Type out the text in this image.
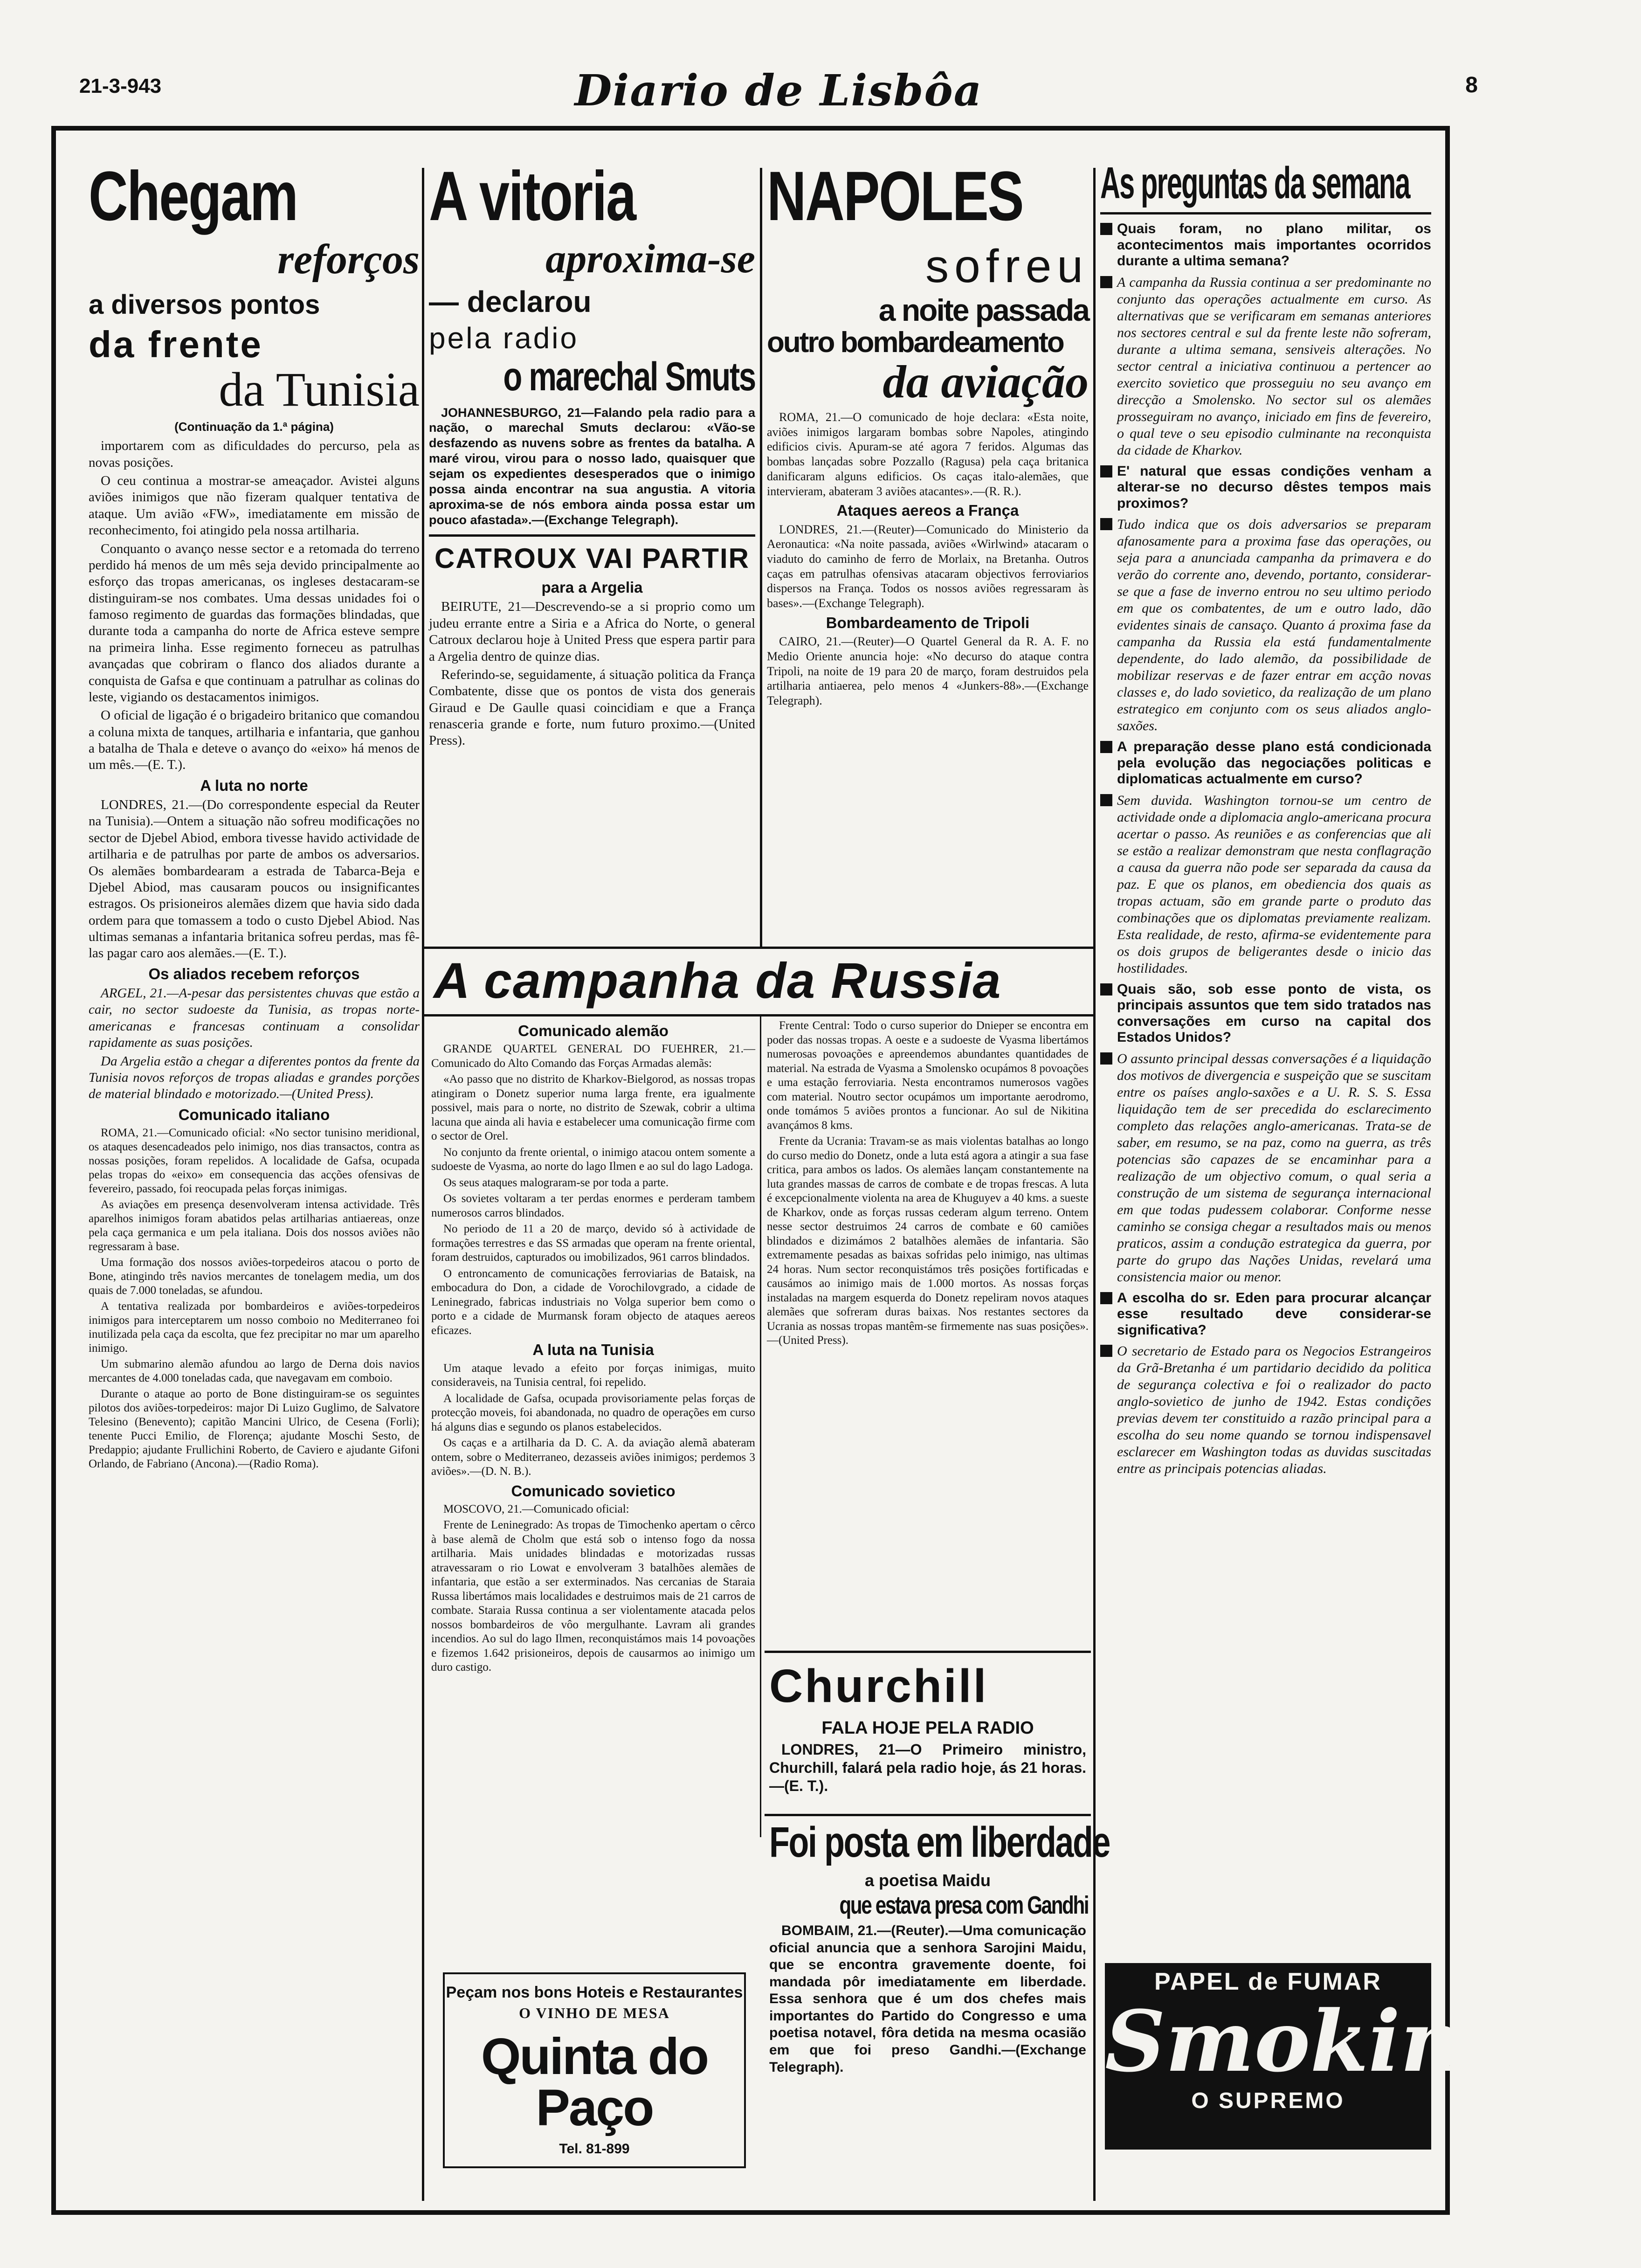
21-3-943	Diario de Lisbôa	8
Chegam
reforços
a diversos pontos
da frente
da Tunisia
(Continuação da 1.ª página)

importarem com as dificuldades do percurso, pela as novas posições.

O ceu continua a mostrar-se ameaçador. Avistei alguns aviões inimigos que não fizeram qualquer tentativa de ataque. Um avião «FW», imediatamente em missão de reconhecimento, foi atingido pela nossa artilharia.

Conquanto o avanço nesse sector e a retomada do terreno perdido há menos de um mês seja devido principalmente ao esforço das tropas americanas, os ingleses destacaram-se distinguiram-se nos combates. Uma dessas unidades foi o famoso regimento de guardas das formações blindadas, que durante toda a campanha do norte de Africa esteve sempre na primeira linha. Esse regimento forneceu as patrulhas avançadas que cobriram o flanco dos aliados durante a conquista de Gafsa e que continuam a patrulhar as colinas do leste, vigiando os destacamentos inimigos.

O oficial de ligação é o brigadeiro britanico que comandou a coluna mixta de tanques, artilharia e infantaria, que ganhou a batalha de Thala e deteve o avanço do «eixo» há menos de um mês.—(E. T.).

A luta no norte

LONDRES, 21.—(Do correspondente especial da Reuter na Tunisia).—Ontem a situação não sofreu modificações no sector de Djebel Abiod, embora tivesse havido actividade de artilharia e de patrulhas por parte de ambos os adversarios. Os alemães bombardearam a estrada de Tabarca-Beja e Djebel Abiod, mas causaram poucos ou insignificantes estragos. Os prisioneiros alemães dizem que havia sido dada ordem para que tomassem a todo o custo Djebel Abiod. Nas ultimas semanas a infantaria britanica sofreu perdas, mas fê-las pagar caro aos alemães.—(E. T.).

Os aliados recebem reforços

ARGEL, 21.—A-pesar das persistentes chuvas que estão a cair, no sector sudoeste da Tunisia, as tropas norte-americanas e francesas continuam a consolidar rapidamente as suas posições.

Da Argelia estão a chegar a diferentes pontos da frente da Tunisia novos reforços de tropas aliadas e grandes porções de material blindado e motorizado.—(United Press).

Comunicado italiano

ROMA, 21.—Comunicado oficial: «No sector tunisino meridional, os ataques desencadeados pelo inimigo, nos dias transactos, contra as nossas posições, foram repelidos. A localidade de Gafsa, ocupada pelas tropas do «eixo» em consequencia das acções ofensivas de fevereiro, passado, foi reocupada pelas forças inimigas.

As aviações em presença desenvolveram intensa actividade. Três aparelhos inimigos foram abatidos pelas artilharias antiaereas, onze pela caça germanica e um pela italiana. Dois dos nossos aviões não regressaram à base.

Uma formação dos nossos aviões-torpedeiros atacou o porto de Bone, atingindo três navios mercantes de tonelagem media, um dos quais de 7.000 toneladas, se afundou.

A tentativa realizada por bombardeiros e aviões-torpedeiros inimigos para interceptarem um nosso comboio no Mediterraneo foi inutilizada pela caça da escolta, que fez precipitar no mar um aparelho inimigo.

Um submarino alemão afundou ao largo de Derna dois navios mercantes de 4.000 toneladas cada, que navegavam em comboio.

Durante o ataque ao porto de Bone distinguiram-se os seguintes pilotos dos aviões-torpedeiros: major Di Luizo Guglimo, de Salvatore Telesino (Benevento); capitão Mancini Ulrico, de Cesena (Forli); tenente Pucci Emilio, de Florença; ajudante Moschi Sesto, de Predappio; ajudante Frullichini Roberto, de Caviero e ajudante Gifoni Orlando, de Fabriano (Ancona).—(Radio Roma).

A vitoria
aproxima-se
— declarou
pela radio
o marechal Smuts

JOHANNESBURGO, 21—Falando pela radio para a nação, o marechal Smuts declarou: «Vão-se desfazendo as nuvens sobre as frentes da batalha. A maré virou, virou para o nosso lado, quaisquer que sejam os expedientes desesperados que o inimigo possa ainda encontrar na sua angustia. A vitoria aproxima-se de nós embora ainda possa estar um pouco afastada».—(Exchange Telegraph).

CATROUX VAI PARTIR
para a Argelia

BEIRUTE, 21—Descrevendo-se a si proprio como um judeu errante entre a Siria e a Africa do Norte, o general Catroux declarou hoje à United Press que espera partir para a Argelia dentro de quinze dias.

Referindo-se, seguidamente, á situação politica da França Combatente, disse que os pontos de vista dos generais Giraud e De Gaulle quasi coincidiam e que a França renasceria grande e forte, num futuro proximo.—(United Press).

NAPOLES
sofreu
a noite passada
outro bombardeamento
da aviação

ROMA, 21.—O comunicado de hoje declara: «Esta noite, aviões inimigos largaram bombas sobre Napoles, atingindo edificios civis. Apuram-se até agora 7 feridos. Algumas das bombas lançadas sobre Pozzallo (Ragusa) pela caça britanica danificaram alguns edificios. Os caças italo-alemães, que intervieram, abateram 3 aviões atacantes».—(R. R.).

Ataques aereos a França

LONDRES, 21.—(Reuter)—Comunicado do Ministerio da Aeronautica: «Na noite passada, aviões «Wirlwind» atacaram o viaduto do caminho de ferro de Morlaix, na Bretanha. Outros caças em patrulhas ofensivas atacaram objectivos ferroviarios dispersos na França. Todos os nossos aviões regressaram às bases».—(Exchange Telegraph).

Bombardeamento de Tripoli

CAIRO, 21.—(Reuter)—O Quartel General da R. A. F. no Medio Oriente anuncia hoje: «No decurso do ataque contra Tripoli, na noite de 19 para 20 de março, foram destruidos pela artilharia antiaerea, pelo menos 4 «Junkers-88».—(Exchange Telegraph).

A campanha da Russia
Comunicado alemão

GRANDE QUARTEL GENERAL DO FUEHRER, 21.—Comunicado do Alto Comando das Forças Armadas alemãs:

«Ao passo que no distrito de Kharkov-Bielgorod, as nossas tropas atingiram o Donetz superior numa larga frente, era igualmente possivel, mais para o norte, no distrito de Szewak, cobrir a ultima lacuna que ainda ali havia e estabelecer uma comunicação firme com o sector de Orel.

No conjunto da frente oriental, o inimigo atacou ontem somente a sudoeste de Vyasma, ao norte do lago Ilmen e ao sul do lago Ladoga.

Os seus ataques malograram-se por toda a parte.

Os sovietes voltaram a ter perdas enormes e perderam tambem numerosos carros blindados.

No periodo de 11 a 20 de março, devido só à actividade de formações terrestres e das SS armadas que operam na frente oriental, foram destruidos, capturados ou imobilizados, 961 carros blindados.

O entroncamento de comunicações ferroviarias de Bataisk, na embocadura do Don, a cidade de Vorochilovgrado, a cidade de Leninegrado, fabricas industriais no Volga superior bem como o porto e a cidade de Murmansk foram objecto de ataques aereos eficazes.

A luta na Tunisia

Um ataque levado a efeito por forças inimigas, muito consideraveis, na Tunisia central, foi repelido.

A localidade de Gafsa, ocupada provisoriamente pelas forças de protecção moveis, foi abandonada, no quadro de operações em curso há alguns dias e segundo os planos estabelecidos.

Os caças e a artilharia da D. C. A. da aviação alemã abateram ontem, sobre o Mediterraneo, dezasseis aviões inimigos; perdemos 3 aviões».—(D. N. B.).

Comunicado sovietico

MOSCOVO, 21.—Comunicado oficial:

Frente de Leninegrado: As tropas de Timochenko apertam o cêrco à base alemã de Cholm que está sob o intenso fogo da nossa artilharia. Mais unidades blindadas e motorizadas russas atravessaram o rio Lowat e envolveram 3 batalhões alemães de infantaria, que estão a ser exterminados. Nas cercanias de Staraia Russa libertámos mais localidades e destruimos mais de 21 carros de combate. Staraia Russa continua a ser violentamente atacada pelos nossos bombardeiros de vôo mergulhante. Lavram ali grandes incendios. Ao sul do lago Ilmen, reconquistámos mais 14 povoações e fizemos 1.642 prisioneiros, depois de causarmos ao inimigo um duro castigo.

Frente Central: Todo o curso superior do Dnieper se encontra em poder das nossas tropas. A oeste e a sudoeste de Vyasma libertámos numerosas povoações e apreendemos abundantes quantidades de material. Na estrada de Vyasma a Smolensko ocupámos 8 povoações e uma estação ferroviaria. Nesta encontramos numerosos vagões com material. Noutro sector ocupámos um importante aerodromo, onde tomámos 5 aviões prontos a funcionar. Ao sul de Nikitina avançámos 8 kms.

Frente da Ucrania: Travam-se as mais violentas batalhas ao longo do curso medio do Donetz, onde a luta está agora a atingir a sua fase critica, para ambos os lados. Os alemães lançam constantemente na luta grandes massas de carros de combate e de tropas frescas. A luta é excepcionalmente violenta na area de Khuguyev a 40 kms. a sueste de Kharkov, onde as forças russas cederam algum terreno. Ontem nesse sector destruimos 24 carros de combate e 60 camiões blindados e dizimámos 2 batalhões alemães de infantaria. São extremamente pesadas as baixas sofridas pelo inimigo, nas ultimas 24 horas. Num sector reconquistámos três posições fortificadas e causámos ao inimigo mais de 1.000 mortos. As nossas forças instaladas na margem esquerda do Donetz repeliram novos ataques alemães que sofreram duras baixas. Nos restantes sectores da Ucrania as nossas tropas mantêm-se firmemente nas suas posições».—(United Press).

Churchill
FALA HOJE PELA RADIO

LONDRES, 21—O Primeiro ministro, Churchill, falará pela radio hoje, ás 21 horas.—(E. T.).

Foi posta em liberdade
a poetisa Maidu
que estava presa com Gandhi

BOMBAIM, 21.—(Reuter).—Uma comunicação oficial anuncia que a senhora Sarojini Maidu, que se encontra gravemente doente, foi mandada pôr imediatamente em liberdade. Essa senhora que é um dos chefes mais importantes do Partido do Congresso e uma poetisa notavel, fôra detida na mesma ocasião em que foi preso Gandhi.—(Exchange Telegraph).

Peçam nos bons Hoteis e Restaurantes
O VINHO DE MESA
Quinta do Paço
Tel. 81-899
As preguntas da semana
Quais foram, no plano militar, os acontecimentos mais importantes ocorridos durante a ultima semana?
A campanha da Russia continua a ser predominante no conjunto das operações actualmente em curso. As alternativas que se verificaram em semanas anteriores nos sectores central e sul da frente leste não sofreram, durante a ultima semana, sensiveis alterações. No sector central a iniciativa continuou a pertencer ao exercito sovietico que prosseguiu no seu avanço em direcção a Smolensko. No sector sul os alemães prosseguiram no avanço, iniciado em fins de fevereiro, o qual teve o seu episodio culminante na reconquista da cidade de Kharkov.
E' natural que essas condições venham a alterar-se no decurso dêstes tempos mais proximos?
Tudo indica que os dois adversarios se preparam afanosamente para a proxima fase das operações, ou seja para a anunciada campanha da primavera e do verão do corrente ano, devendo, portanto, considerar-se que a fase de inverno entrou no seu ultimo periodo em que os combatentes, de um e outro lado, dão evidentes sinais de cansaço. Quanto á proxima fase da campanha da Russia ela está fundamentalmente dependente, do lado alemão, da possibilidade de mobilizar reservas e de fazer entrar em acção novas classes e, do lado sovietico, da realização de um plano estrategico em conjunto com os seus aliados anglo-saxões.
A preparação desse plano está condicionada pela evolução das negociações politicas e diplomaticas actualmente em curso?
Sem duvida. Washington tornou-se um centro de actividade onde a diplomacia anglo-americana procura acertar o passo. As reuniões e as conferencias que ali se estão a realizar demonstram que nesta conflagração a causa da guerra não pode ser separada da causa da paz. E que os planos, em obediencia dos quais as tropas actuam, são em grande parte o produto das combinações que os diplomatas previamente realizam. Esta realidade, de resto, afirma-se evidentemente para os dois grupos de beligerantes desde o inicio das hostilidades.
Quais são, sob esse ponto de vista, os principais assuntos que tem sido tratados nas conversações em curso na capital dos Estados Unidos?
O assunto principal dessas conversações é a liquidação dos motivos de divergencia e suspeição que se suscitam entre os países anglo-saxões e a U. R. S. S. Essa liquidação tem de ser precedida do esclarecimento completo das relações anglo-americanas. Trata-se de saber, em resumo, se na paz, como na guerra, as três potencias são capazes de se encaminhar para a realização de um objectivo comum, o qual seria a construção de um sistema de segurança internacional em que todas pudessem colaborar. Conforme nesse caminho se consiga chegar a resultados mais ou menos praticos, assim a condução estrategica da guerra, por parte do grupo das Nações Unidas, revelará uma consistencia maior ou menor.
A escolha do sr. Eden para procurar alcançar esse resultado deve considerar-se significativa?
O secretario de Estado para os Negocios Estrangeiros da Grã-Bretanha é um partidario decidido da politica de segurança colectiva e foi o realizador do pacto anglo-sovietico de junho de 1942. Estas condições previas devem ter constituido a razão principal para a escolha do seu nome quando se tornou indispensavel esclarecer em Washington todas as duvidas suscitadas entre as principais potencias aliadas.
PAPEL de FUMAR
Smoking
O SUPREMO
